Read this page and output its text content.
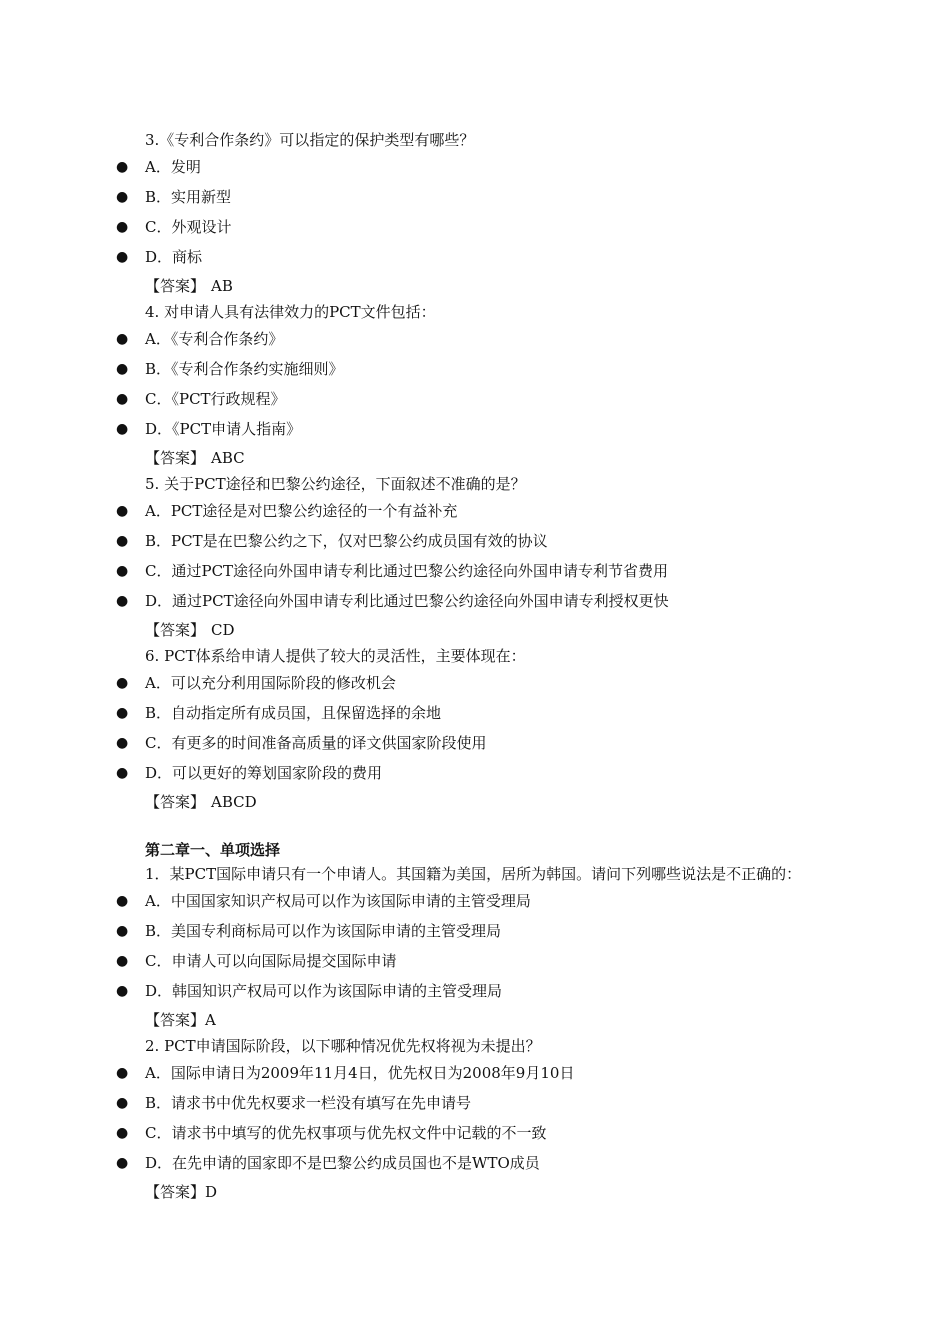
3.《专利合作条约》可以指定的保护类型有哪些？
● A．发明
● B．实用新型
● C．外观设计
● D．商标
【答案】 AB
4. 对申请人具有法律效力的PCT文件包括：
● A．《专利合作条约》
● B．《专利合作条约实施细则》
● C．《PCT行政规程》
● D．《PCT申请人指南》
【答案】 ABC
5. 关于PCT途径和巴黎公约途径，下面叙述不准确的是？
● A．PCT途径是对巴黎公约途径的一个有益补充
● B．PCT是在巴黎公约之下，仅对巴黎公约成员国有效的协议
● C．通过PCT途径向外国申请专利比通过巴黎公约途径向外国申请专利节省费用
● D．通过PCT途径向外国申请专利比通过巴黎公约途径向外国申请专利授权更快
【答案】 CD
6. PCT体系给申请人提供了较大的灵活性，主要体现在：
● A．可以充分利用国际阶段的修改机会
● B．自动指定所有成员国，且保留选择的余地
● C．有更多的时间准备高质量的译文供国家阶段使用
● D．可以更好的筹划国家阶段的费用
【答案】 ABCD
第二章一、单项选择
1．某PCT国际申请只有一个申请人。其国籍为美国，居所为韩国。请问下列哪些说法是不正确的：
● A．中国国家知识产权局可以作为该国际申请的主管受理局
● B．美国专利商标局可以作为该国际申请的主管受理局
● C．申请人可以向国际局提交国际申请
● D．韩国知识产权局可以作为该国际申请的主管受理局
【答案】A
2. PCT申请国际阶段，以下哪种情况优先权将视为未提出？
● A．国际申请日为2009年11月4日，优先权日为2008年9月10日
● B．请求书中优先权要求一栏没有填写在先申请号
● C．请求书中填写的优先权事项与优先权文件中记载的不一致
● D．在先申请的国家即不是巴黎公约成员国也不是WTO成员
【答案】D
